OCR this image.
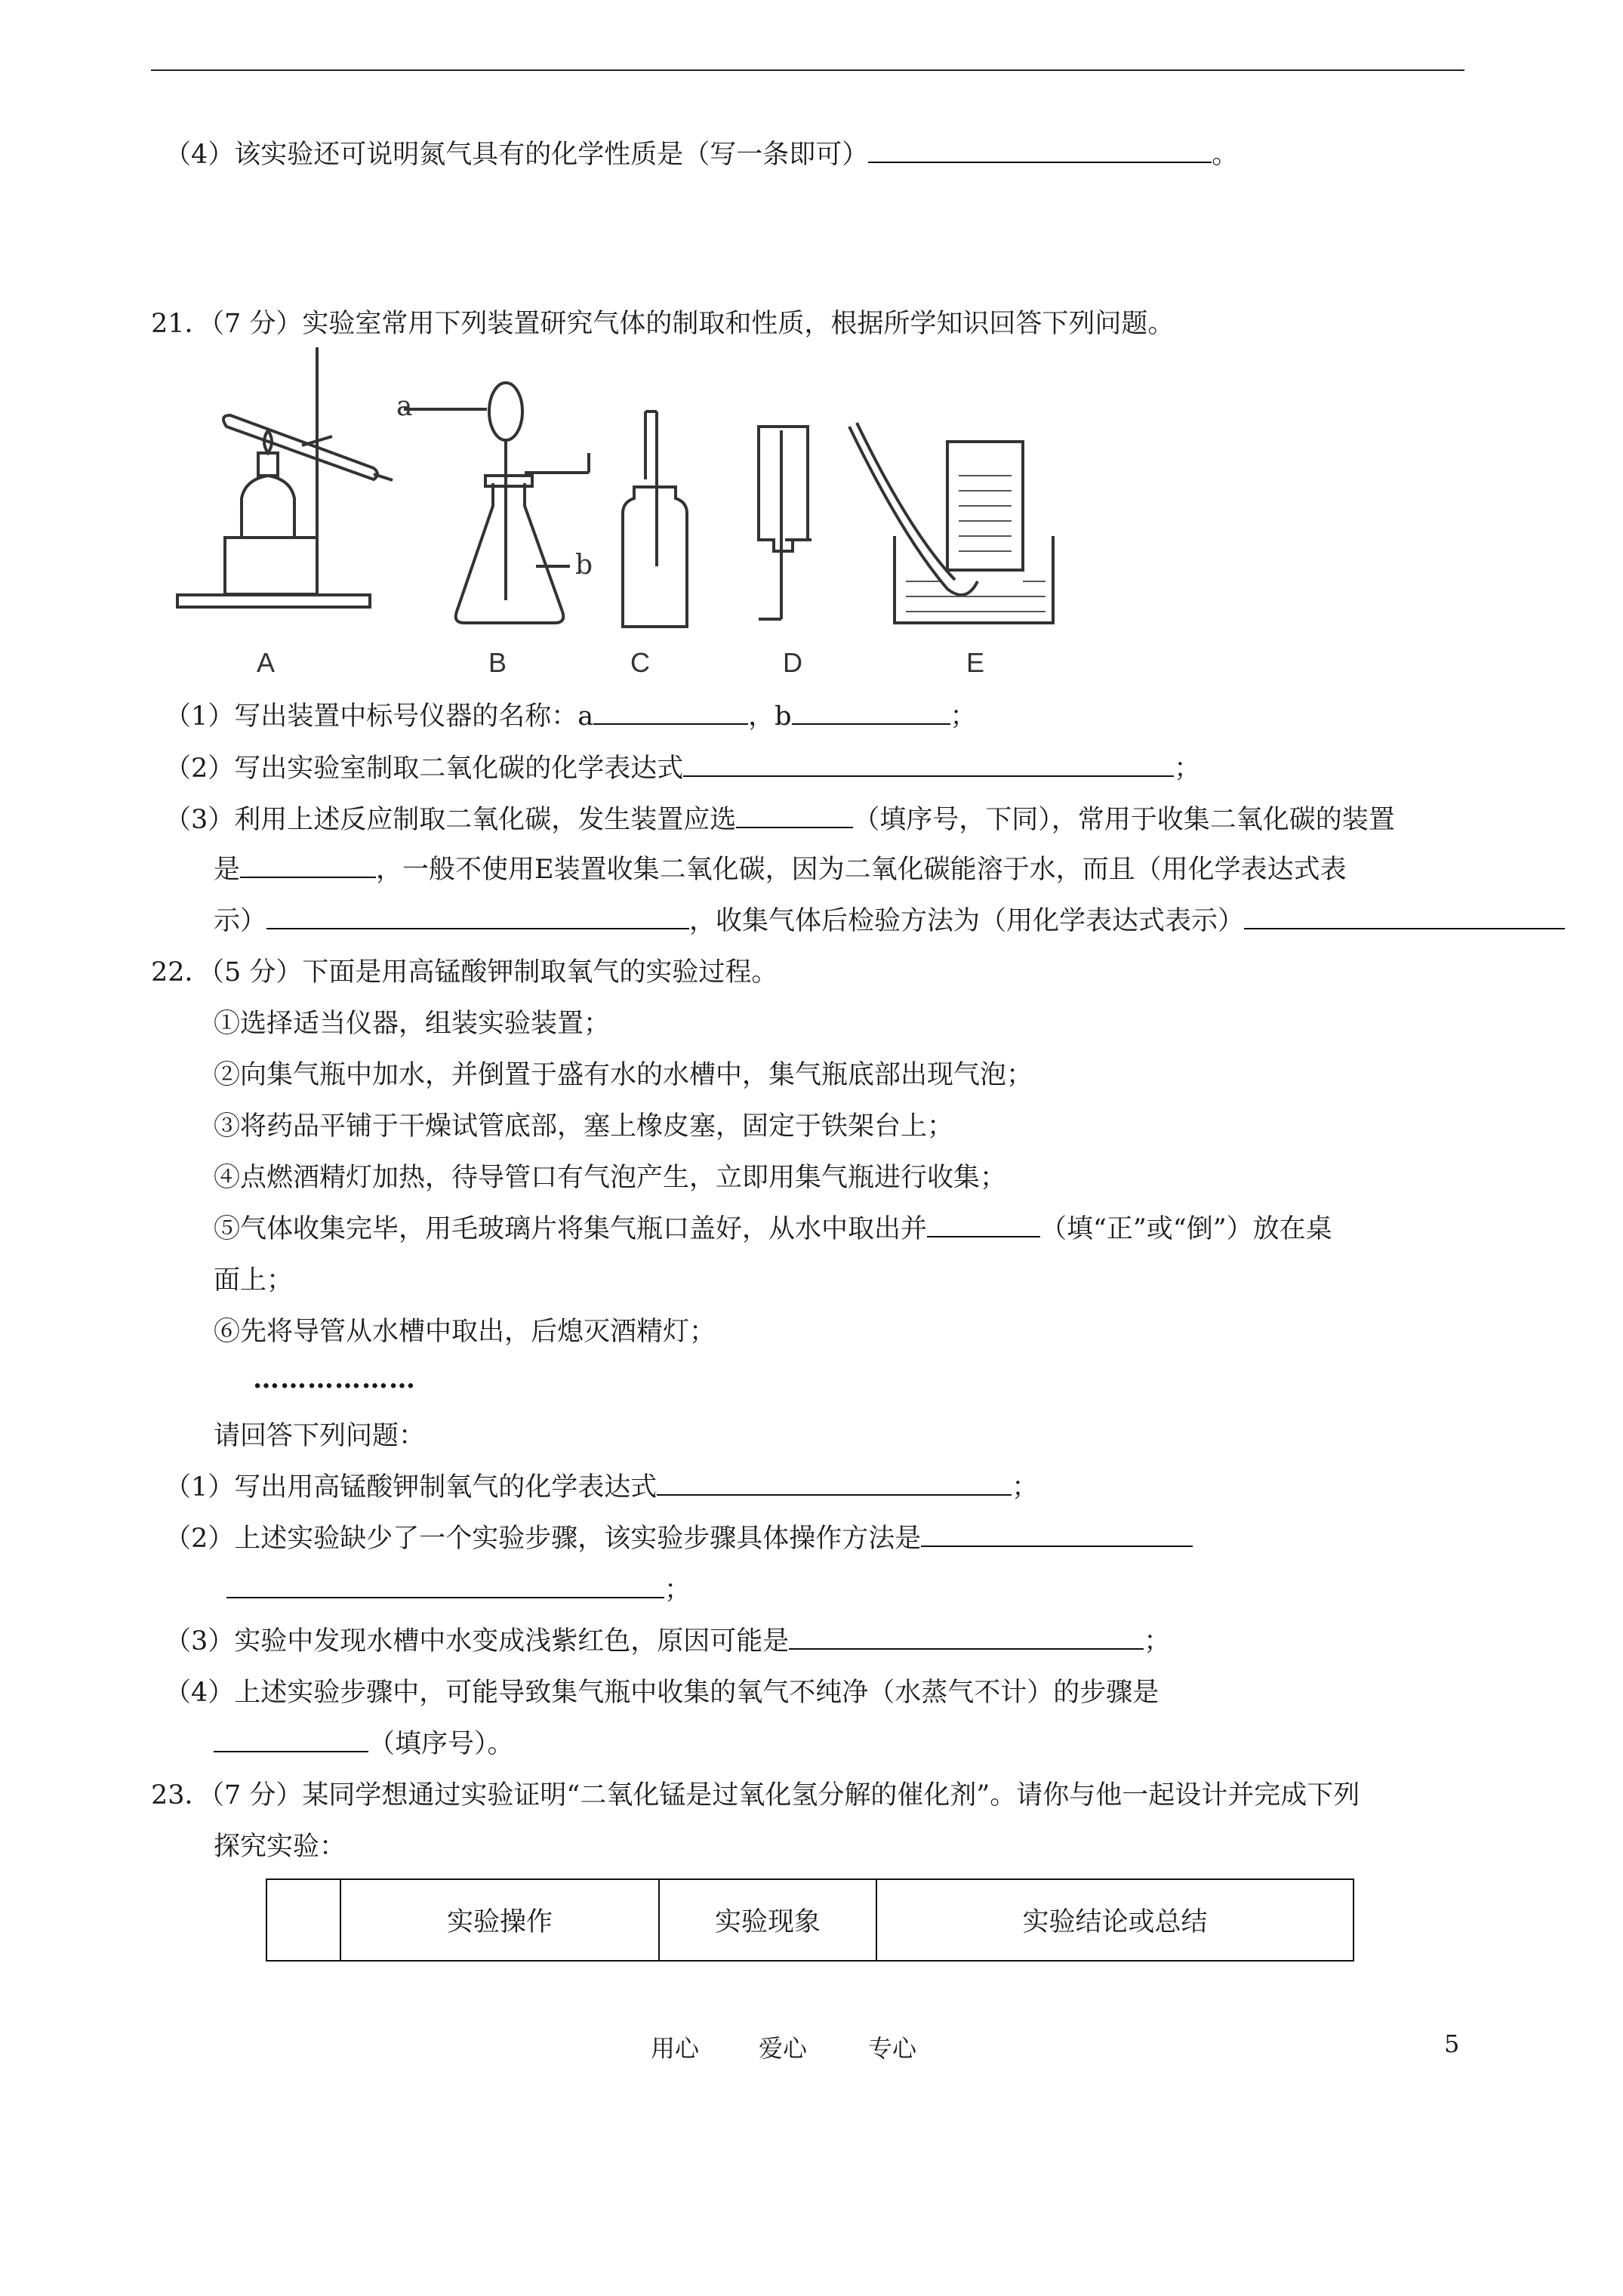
（4）该实验还可说明氮气具有的化学性质是（写一条即可）	。
21．（7 分）实验室常用下列装置研究气体的制取和性质，根据所学知识回答下列问题。
a
b
A	B	C	D	E
（1）写出装置中标号仪器的名称：a	，b	；
（2）写出实验室制取二氧化碳的化学表达式	；
（3）利用上述反应制取二氧化碳，发生装置应选	（填序号，下同），常用于收集二氧化碳的装置
是	，一般不使用E装置收集二氧化碳，因为二氧化碳能溶于水，而且（用化学表达式表
示）	，收集气体后检验方法为（用化学表达式表示）
22．（5 分）下面是用高锰酸钾制取氧气的实验过程。
①选择适当仪器，组装实验装置；
②向集气瓶中加水，并倒置于盛有水的水槽中，集气瓶底部出现气泡；
③将药品平铺于干燥试管底部，塞上橡皮塞，固定于铁架台上；
④点燃酒精灯加热，待导管口有气泡产生，立即用集气瓶进行收集；
⑤气体收集完毕，用毛玻璃片将集气瓶口盖好，从水中取出并	（填“正”或“倒”）放在桌
面上；
⑥先将导管从水槽中取出，后熄灭酒精灯；
………………
请回答下列问题：
（1）写出用高锰酸钾制氧气的化学表达式	；
（2）上述实验缺少了一个实验步骤，该实验步骤具体操作方法是
；
（3）实验中发现水槽中水变成浅紫红色，原因可能是	；
（4）上述实验步骤中，可能导致集气瓶中收集的氧气不纯净（水蒸气不计）的步骤是
（填序号）。
23．（7 分）某同学想通过实验证明“二氧化锰是过氧化氢分解的催化剂”。请你与他一起设计并完成下列
探究实验：
	实验操作	实验现象	实验结论或总结
用心 爱心	专心	5
